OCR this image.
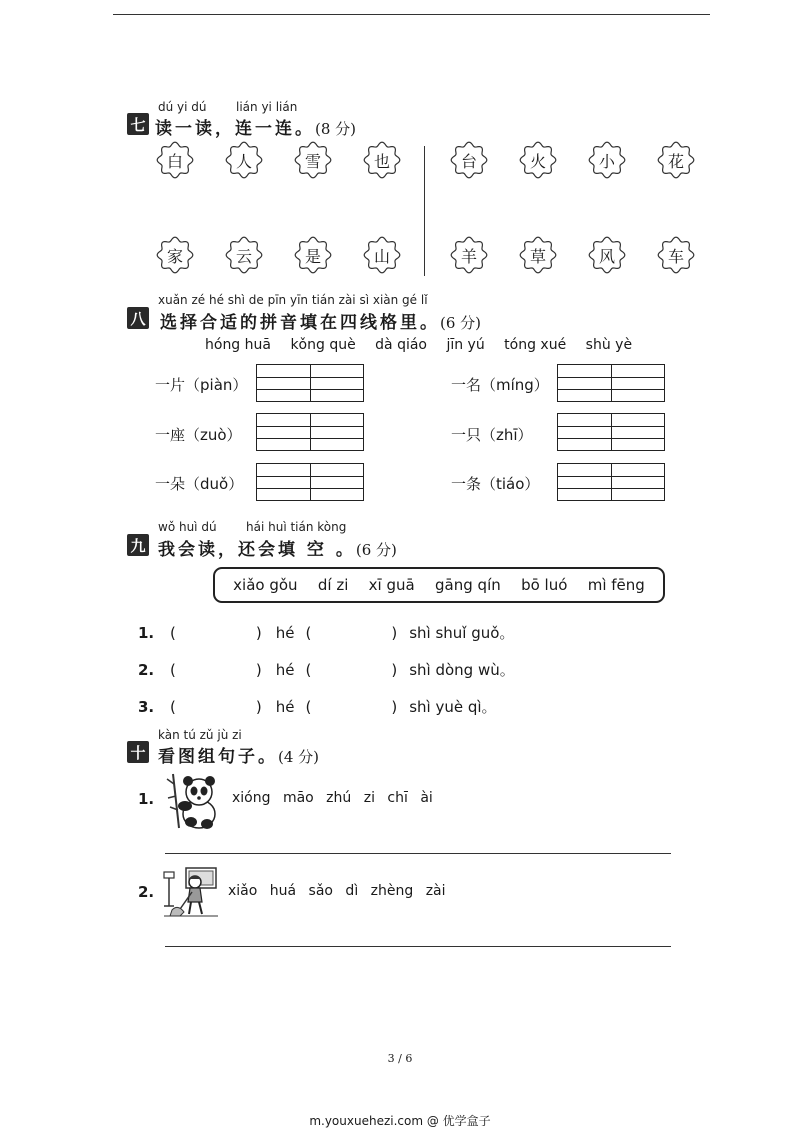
dú yi dú lián yi lián
七 读一读，连一连。(8 分)
白	人	雪	也	台	火	小	花
家	云	是	山	羊	草	风	车
xuǎn zé hé shì de pīn yīn tián zài sì xiàn gé lǐ
八 选择合适的拼音填在四线格里。(6 分)
hóng huā kǒng què dà qiáo jīn yú tóng xué shù yè
一片（piàn）	一名（míng）
一座（zuò）	一只（zhī）
一朵（duǒ）	一条（tiáo）
wǒ huì dú hái huì tián kòng
九 我会读，还会填 空 。(6 分)
xiǎo gǒu dí zi xī guā gāng qín bō luó mì fēng
1. (	) hé (	) shì shuǐ guǒ。
2. (	) hé (	) shì dòng wù。
3. (	) hé (	) shì yuè qì。
kàn tú zǔ jù zi
十 看图组句子。(4 分)
1.	xióng māo zhú zi chī ài
2.	xiǎo huá sǎo dì zhèng zài
3 / 6
m.youxuehezi.com @ 优学盒子
